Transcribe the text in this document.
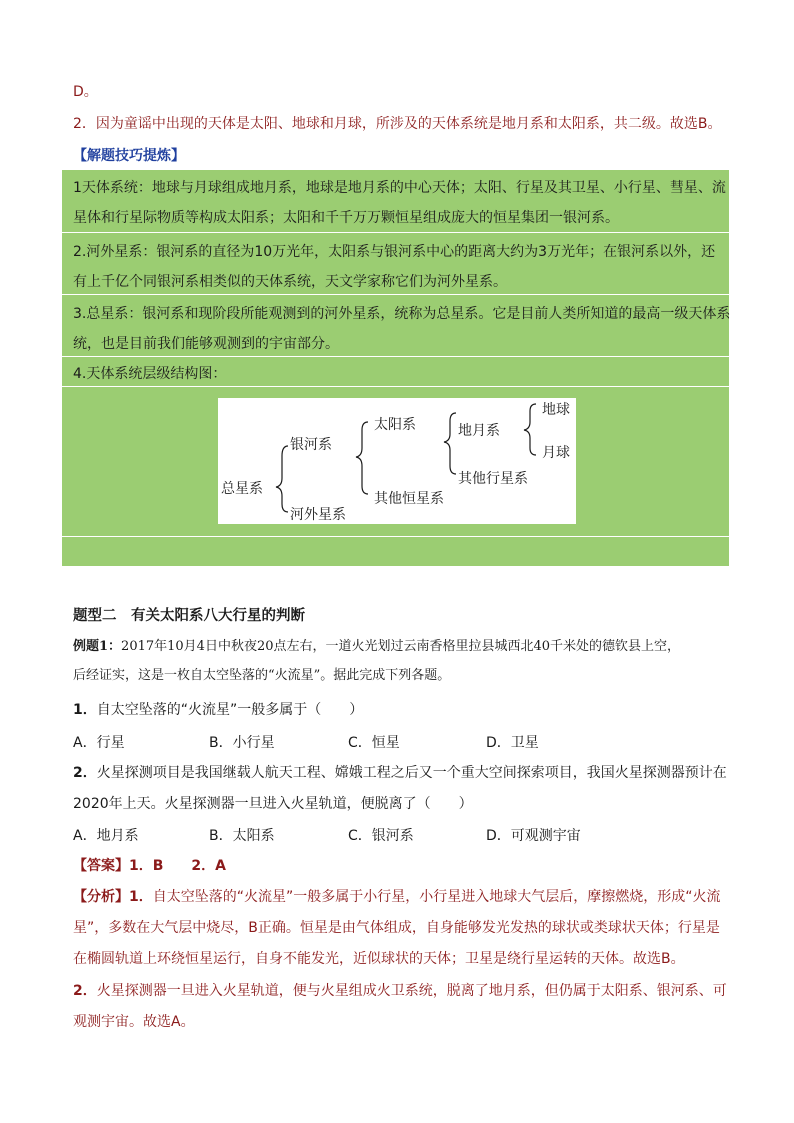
D。
2．因为童谣中出现的天体是太阳、地球和月球，所涉及的天体系统是地月系和太阳系，共二级。故选B。
【解题技巧提炼】
1天体系统：地球与月球组成地月系，地球是地月系的中心天体；太阳、行星及其卫星、小行星、彗星、流
星体和行星际物质等构成太阳系；太阳和千千万万颗恒星组成庞大的恒星集团一银河系。
2.河外星系：银河系的直径为10万光年，太阳系与银河系中心的距离大约为3万光年；在银河系以外，还
有上千亿个同银河系相类似的天体系统，天文学家称它们为河外星系。
3.总星系：银河系和现阶段所能观测到的河外星系，统称为总星系。它是目前人类所知道的最高一级天体系
统，也是目前我们能够观测到的宇宙部分。
4.天体系统层级结构图：
总星系
银河系
河外星系
太阳系
其他恒星系
地月系
其他行星系
地球
月球
题型二　有关太阳系八大行星的判断
例题1：2017年10月4日中秋夜20点左右，一道火光划过云南香格里拉县城西北40千米处的德钦县上空，
后经证实，这是一枚自太空坠落的“火流星”。据此完成下列各题。
1．自太空坠落的“火流星”一般多属于（　　）
A．行星	B．小行星	C．恒星	D．卫星
2．火星探测项目是我国继载人航天工程、嫦娥工程之后又一个重大空间探索项目，我国火星探测器预计在
2020年上天。火星探测器一旦进入火星轨道，便脱离了（　　）
A．地月系	B．太阳系	C．银河系	D．可观测宇宙
【答案】1．B　　2．A
【分析】1．自太空坠落的“火流星”一般多属于小行星，小行星进入地球大气层后，摩擦燃烧，形成“火流
星”，多数在大气层中烧尽，B正确。恒星是由气体组成，自身能够发光发热的球状或类球状天体；行星是
在椭圆轨道上环绕恒星运行，自身不能发光，近似球状的天体；卫星是绕行星运转的天体。故选B。
2．火星探测器一旦进入火星轨道，便与火星组成火卫系统，脱离了地月系，但仍属于太阳系、银河系、可
观测宇宙。故选A。
